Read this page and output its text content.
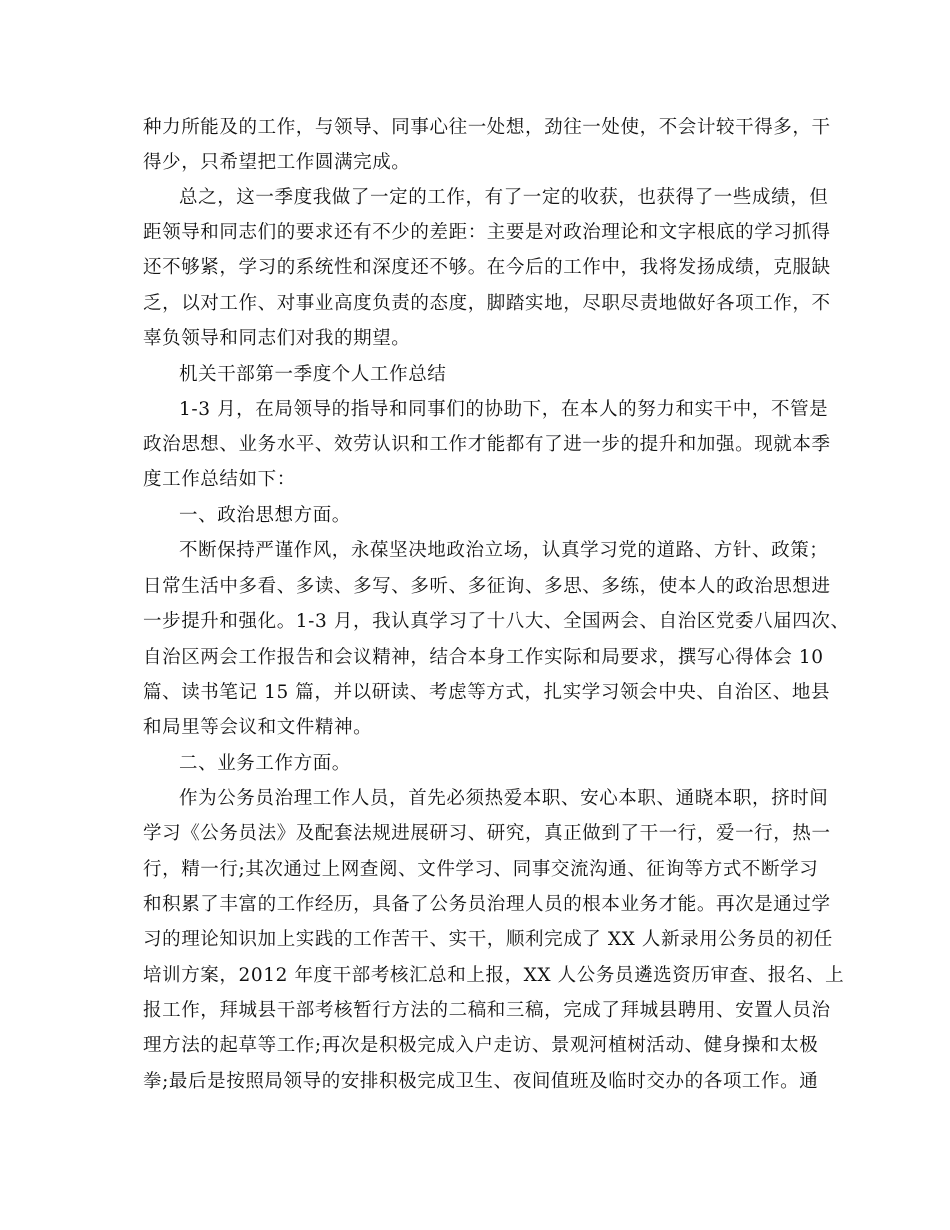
种力所能及的工作，与领导、同事心往一处想，劲往一处使，不会计较干得多，干
得少，只希望把工作圆满完成。
总之，这一季度我做了一定的工作，有了一定的收获，也获得了一些成绩，但
距领导和同志们的要求还有不少的差距：主要是对政治理论和文字根底的学习抓得
还不够紧，学习的系统性和深度还不够。在今后的工作中，我将发扬成绩，克服缺
乏，以对工作、对事业高度负责的态度，脚踏实地，尽职尽责地做好各项工作，不
辜负领导和同志们对我的期望。
机关干部第一季度个人工作总结
1-3 月，在局领导的指导和同事们的协助下，在本人的努力和实干中，不管是
政治思想、业务水平、效劳认识和工作才能都有了进一步的提升和加强。现就本季
度工作总结如下：
一、政治思想方面。
不断保持严谨作风，永葆坚决地政治立场，认真学习党的道路、方针、政策；
日常生活中多看、多读、多写、多听、多征询、多思、多练，使本人的政治思想进
一步提升和强化。1-3 月，我认真学习了十八大、全国两会、自治区党委八届四次、
自治区两会工作报告和会议精神，结合本身工作实际和局要求，撰写心得体会 10
篇、读书笔记 15 篇，并以研读、考虑等方式，扎实学习领会中央、自治区、地县
和局里等会议和文件精神。
二、业务工作方面。
作为公务员治理工作人员，首先必须热爱本职、安心本职、通晓本职，挤时间
学习《公务员法》及配套法规进展研习、研究，真正做到了干一行，爱一行，热一
行，精一行;其次通过上网查阅、文件学习、同事交流沟通、征询等方式不断学习
和积累了丰富的工作经历，具备了公务员治理人员的根本业务才能。再次是通过学
习的理论知识加上实践的工作苦干、实干，顺利完成了 XX 人新录用公务员的初任
培训方案，2012 年度干部考核汇总和上报，XX 人公务员遴选资历审查、报名、上
报工作，拜城县干部考核暂行方法的二稿和三稿，完成了拜城县聘用、安置人员治
理方法的起草等工作;再次是积极完成入户走访、景观河植树活动、健身操和太极
拳;最后是按照局领导的安排积极完成卫生、夜间值班及临时交办的各项工作。通
